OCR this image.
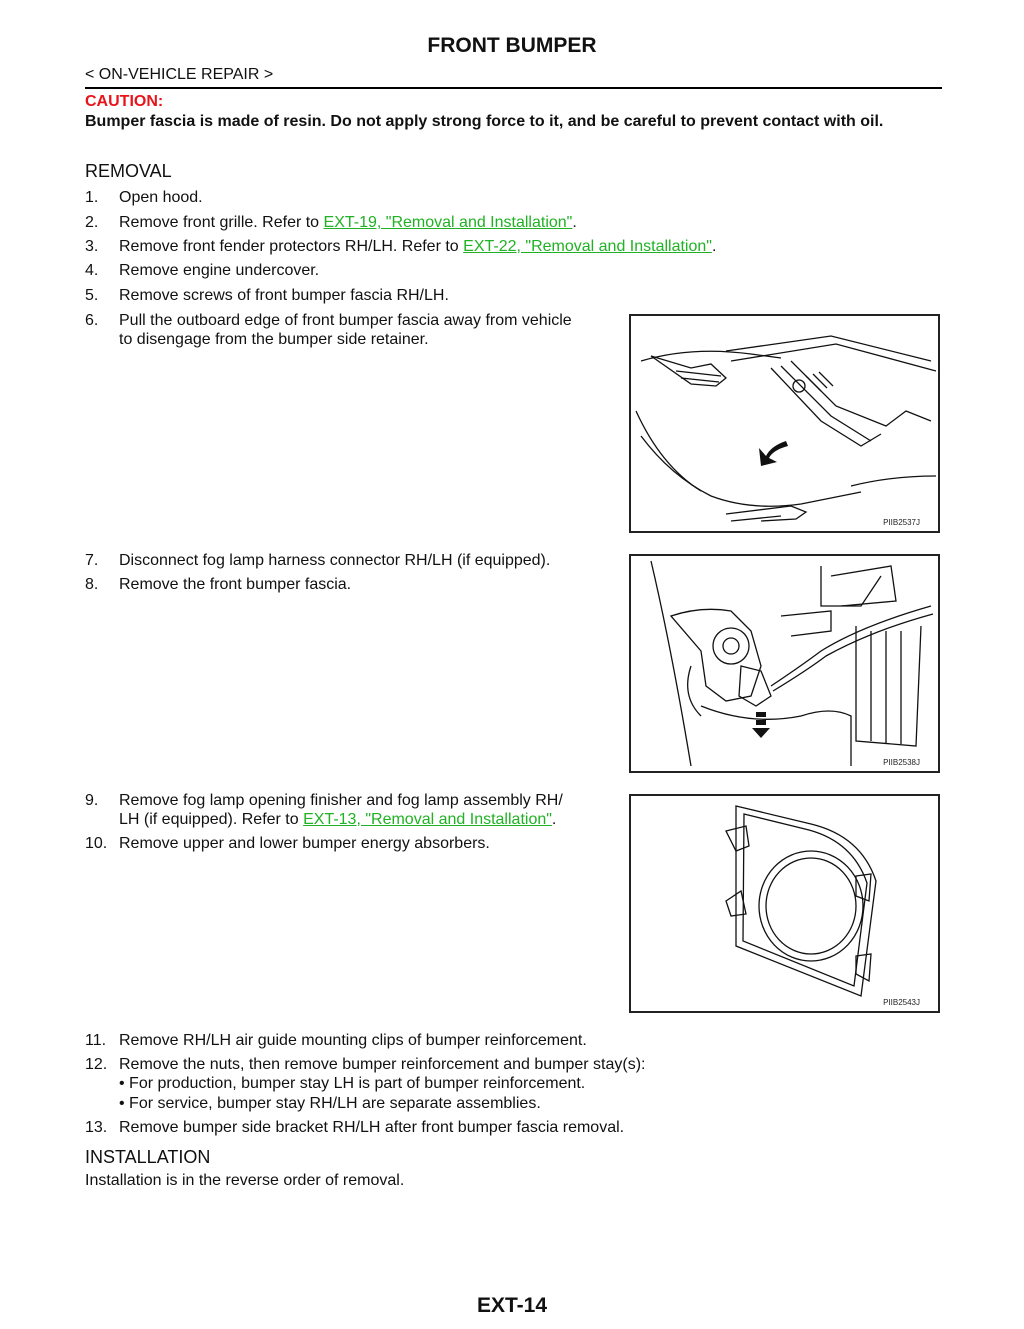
FRONT BUMPER
< ON-VEHICLE REPAIR >
CAUTION:
Bumper fascia is made of resin. Do not apply strong force to it, and be careful to prevent contact with oil.
REMOVAL
1. Open hood.
2. Remove front grille. Refer to EXT-19, "Removal and Installation".
3. Remove front fender protectors RH/LH. Refer to EXT-22, "Removal and Installation".
4. Remove engine undercover.
5. Remove screws of front bumper fascia RH/LH.
6. Pull the outboard edge of front bumper fascia away from vehicle
to disengage from the bumper side retainer.
PIIB2537J
7. Disconnect fog lamp harness connector RH/LH (if equipped).
8. Remove the front bumper fascia.
PIIB2538J
9. Remove fog lamp opening finisher and fog lamp assembly RH/
LH (if equipped). Refer to EXT-13, "Removal and Installation".
10. Remove upper and lower bumper energy absorbers.
PIIB2543J
11. Remove RH/LH air guide mounting clips of bumper reinforcement.
12. Remove the nuts, then remove bumper reinforcement and bumper stay(s):
• For production, bumper stay LH is part of bumper reinforcement.
• For service, bumper stay RH/LH are separate assemblies.
13. Remove bumper side bracket RH/LH after front bumper fascia removal.
INSTALLATION
Installation is in the reverse order of removal.
EXT-14
